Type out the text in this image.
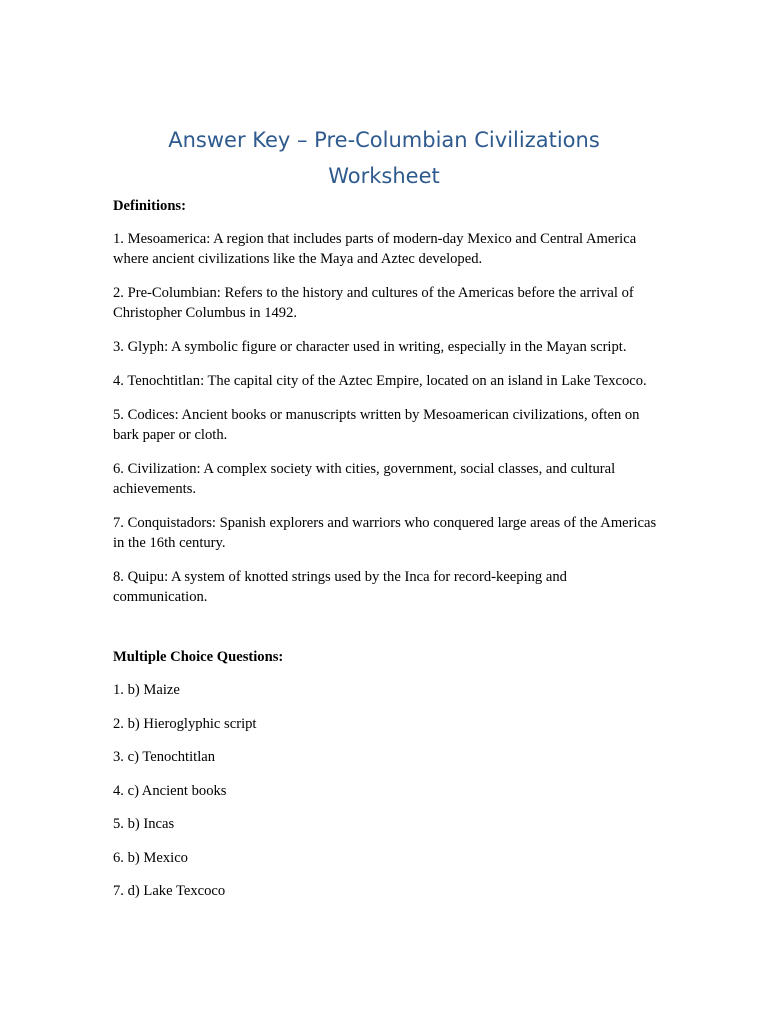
Answer Key – Pre-Columbian Civilizations Worksheet
Definitions:
1. Mesoamerica: A region that includes parts of modern-day Mexico and Central America where ancient civilizations like the Maya and Aztec developed.
2. Pre-Columbian: Refers to the history and cultures of the Americas before the arrival of Christopher Columbus in 1492.
3. Glyph: A symbolic figure or character used in writing, especially in the Mayan script.
4. Tenochtitlan: The capital city of the Aztec Empire, located on an island in Lake Texcoco.
5. Codices: Ancient books or manuscripts written by Mesoamerican civilizations, often on bark paper or cloth.
6. Civilization: A complex society with cities, government, social classes, and cultural achievements.
7. Conquistadors: Spanish explorers and warriors who conquered large areas of the Americas in the 16th century.
8. Quipu: A system of knotted strings used by the Inca for record-keeping and communication.
Multiple Choice Questions:
1. b) Maize
2. b) Hieroglyphic script
3. c) Tenochtitlan
4. c) Ancient books
5. b) Incas
6. b) Mexico
7. d) Lake Texcoco
